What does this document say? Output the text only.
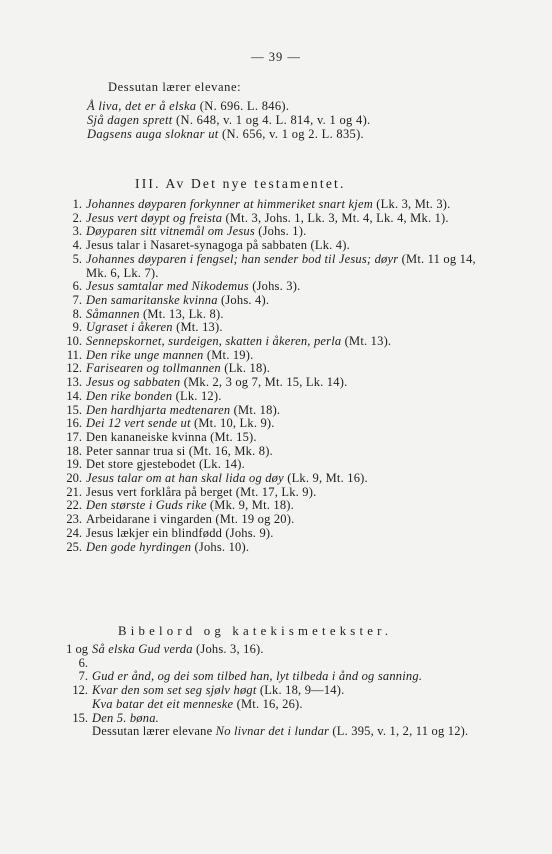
— 39 —
Dessutan lærer elevane:
Å liva, det er å elska (N. 696. L. 846).
Sjå dagen sprett (N. 648, v. 1 og 4. L. 814, v. 1 og 4).
Dagsens auga sloknar ut (N. 656, v. 1 og 2. L. 835).
III. Av Det nye testamentet.
1. Johannes døyparen forkynner at himmeriket snart kjem (Lk. 3, Mt. 3).
2. Jesus vert døypt og freista (Mt. 3, Johs. 1, Lk. 3, Mt. 4, Lk. 4, Mk. 1).
3. Døyparen sitt vitnemål om Jesus (Johs. 1).
4. Jesus talar i Nasaret-synagoga på sabbaten (Lk. 4).
5. Johannes døyparen i fengsel; han sender bod til Jesus; døyr (Mt. 11 og 14, Mk. 6, Lk. 7).
6. Jesus samtalar med Nikodemus (Johs. 3).
7. Den samaritanske kvinna (Johs. 4).
8. Såmannen (Mt. 13, Lk. 8).
9. Ugraset i åkeren (Mt. 13).
10. Sennepskornet, surdeigen, skatten i åkeren, perla (Mt. 13).
11. Den rike unge mannen (Mt. 19).
12. Farisearen og tollmannen (Lk. 18).
13. Jesus og sabbaten (Mk. 2, 3 og 7, Mt. 15, Lk. 14).
14. Den rike bonden (Lk. 12).
15. Den hardhjarta medtenaren (Mt. 18).
16. Dei 12 vert sende ut (Mt. 10, Lk. 9).
17. Den kananeiske kvinna (Mt. 15).
18. Peter sannar trua si (Mt. 16, Mk. 8).
19. Det store gjestebodet (Lk. 14).
20. Jesus talar om at han skal lida og døy (Lk. 9, Mt. 16).
21. Jesus vert forklåra på berget (Mt. 17, Lk. 9).
22. Den største i Guds rike (Mk. 9, Mt. 18).
23. Arbeidarane i vingarden (Mt. 19 og 20).
24. Jesus lækjer ein blindfødd (Johs. 9).
25. Den gode hyrdingen (Johs. 10).
Bibelord og katekismetekster.
1 og 6.
Så elska Gud verda (Johs. 3, 16).
7. Gud er ånd, og dei som tilbed han, lyt tilbeda i ånd og sanning.
12. Kvar den som set seg sjølv høgt (Lk. 18, 9—14).
Kva batar det eit menneske (Mt. 16, 26).
15. Den 5. bøna.
Dessutan lærer elevane No livnar det i lundar (L. 395, v. 1, 2, 11 og 12).
